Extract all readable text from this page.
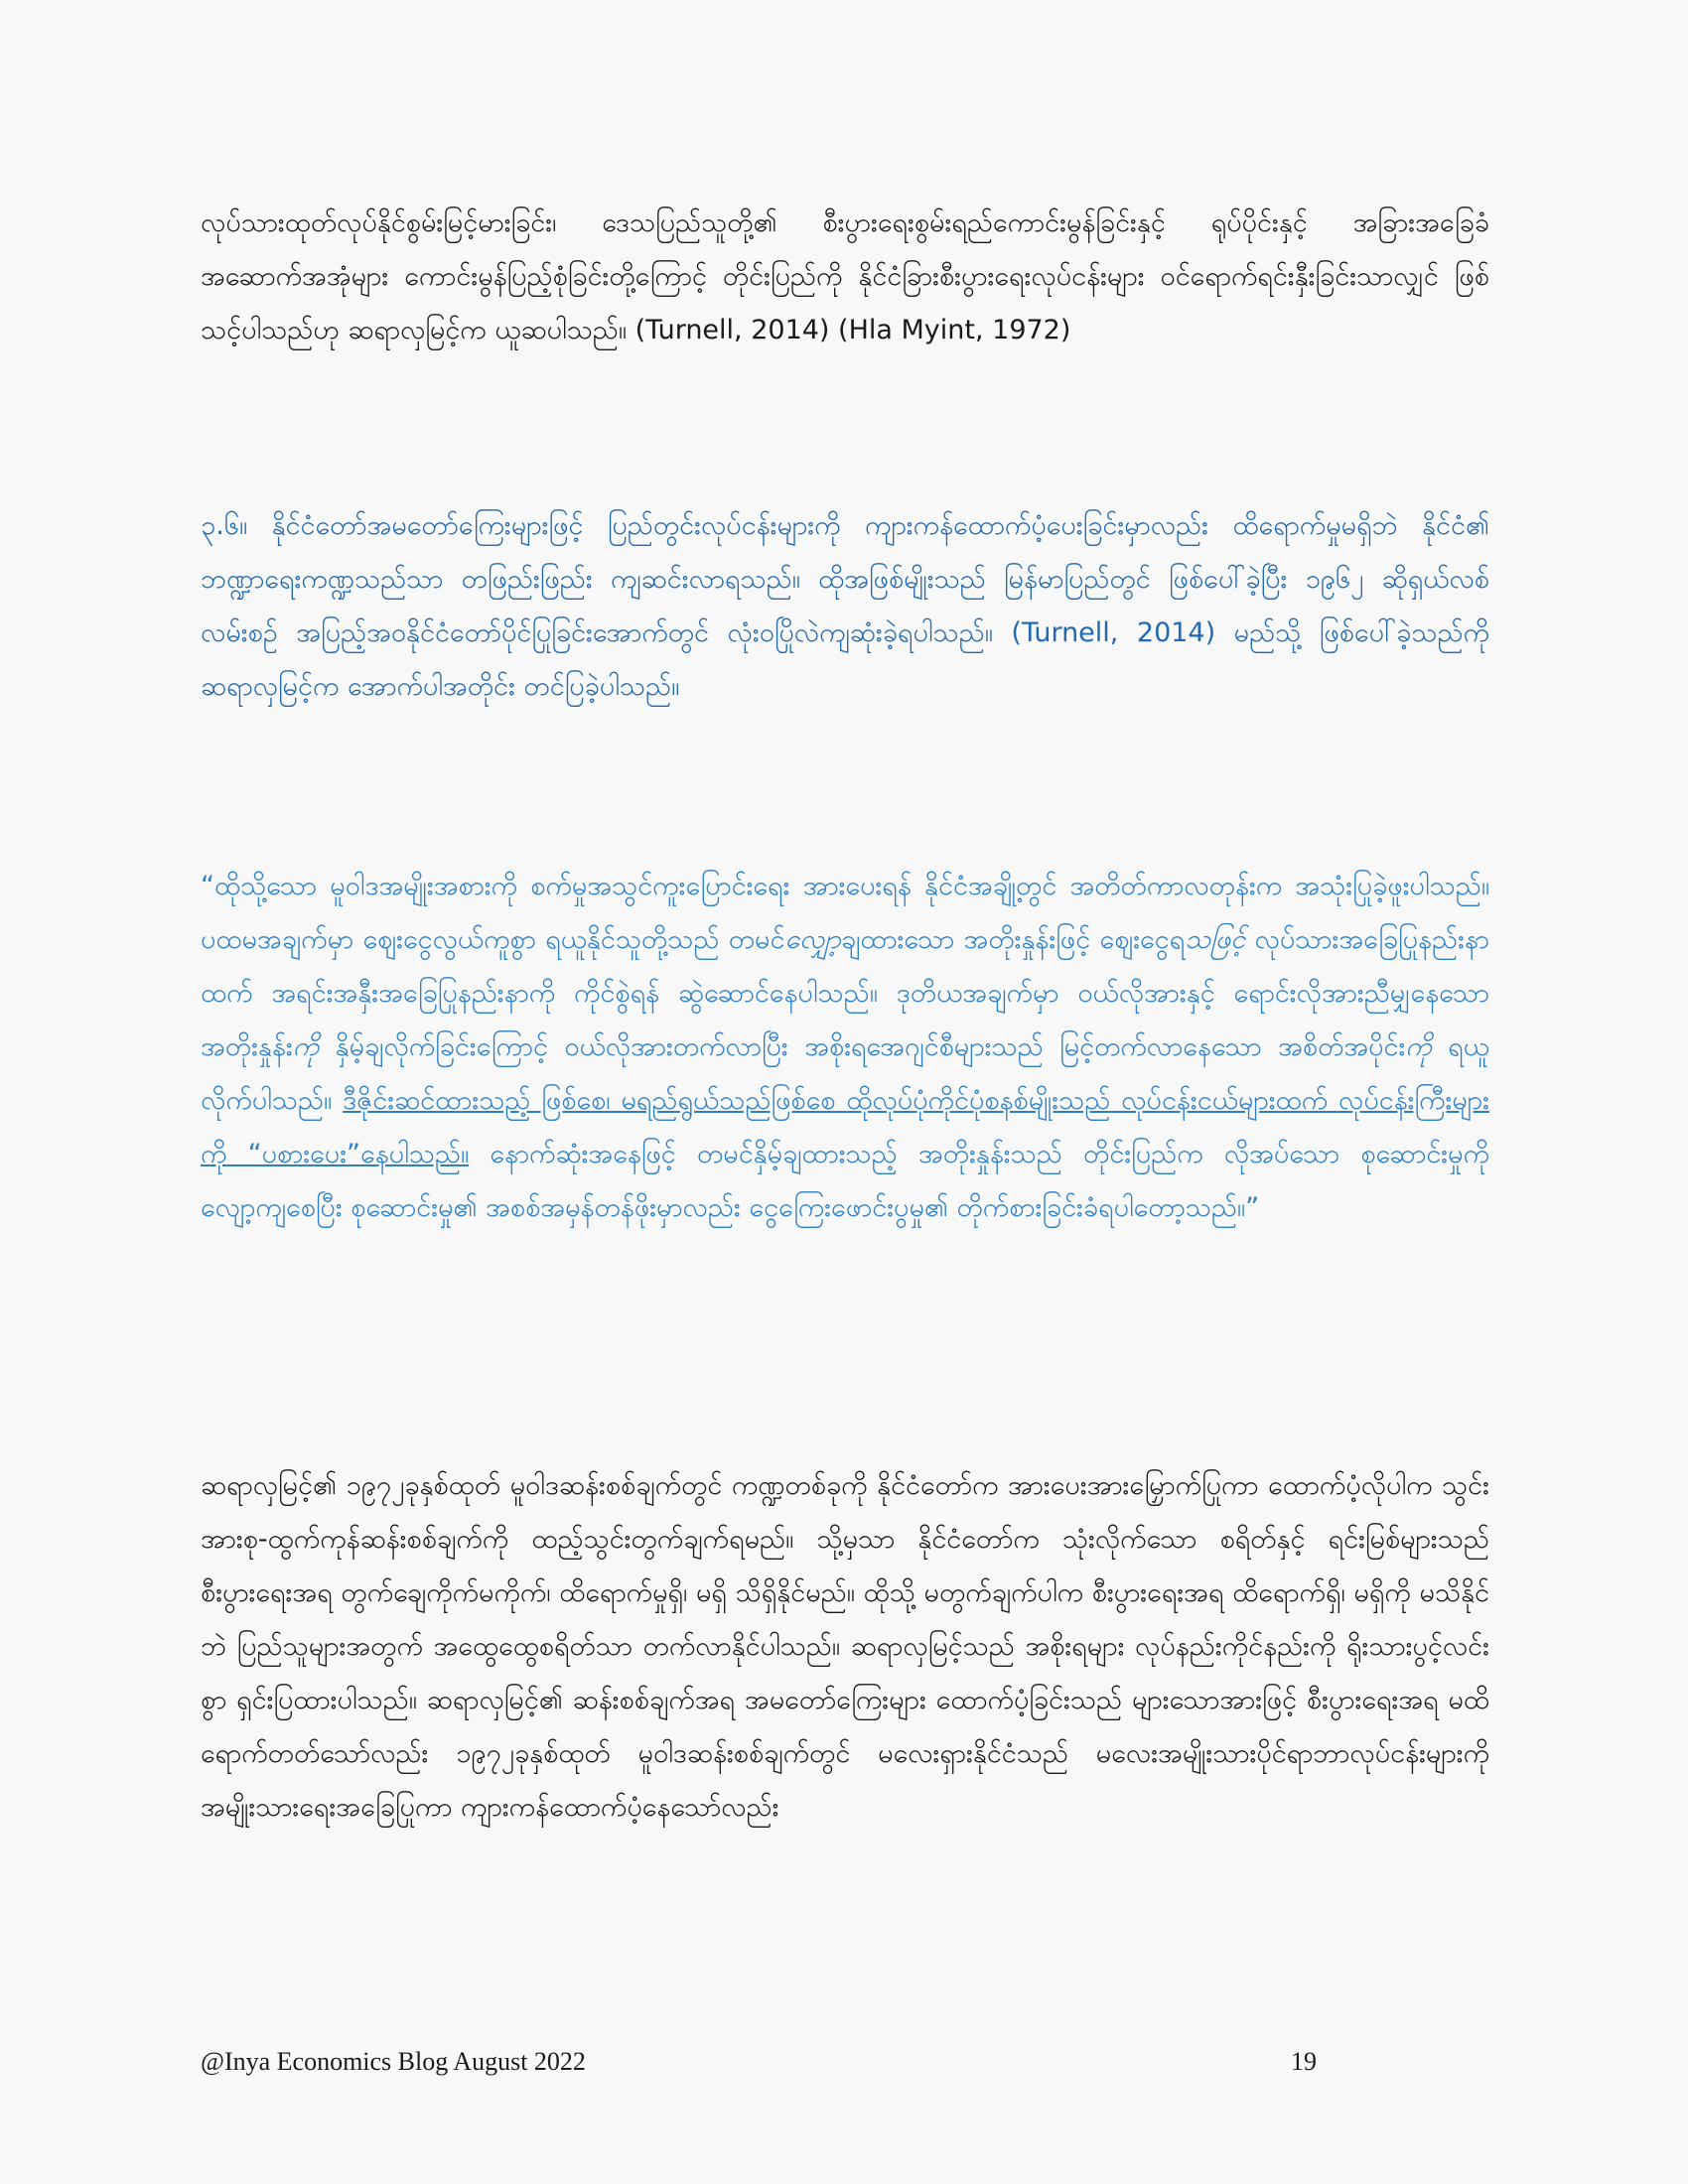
လုပ်သားထုတ်လုပ်နိုင်စွမ်းမြင့်မားခြင်း၊ ဒေသပြည်သူတို့၏ စီးပွားရေးစွမ်းရည်ကောင်းမွန်ခြင်းနှင့် ရုပ်ပိုင်းနှင့် အခြားအခြေခံအဆောက်အအုံများ ကောင်းမွန်ပြည့်စုံခြင်းတို့ကြောင့် တိုင်းပြည်ကို နိုင်ငံခြားစီးပွားရေးလုပ်ငန်းများ ဝင်ရောက်ရင်းနှီးခြင်းသာလျှင် ဖြစ်သင့်ပါသည်ဟု ဆရာလှမြင့်က ယူဆပါသည်။ (Turnell, 2014) (Hla Myint, 1972)
၃.၆။ နိုင်ငံတော်အမတော်ကြေးများဖြင့် ပြည်တွင်းလုပ်ငန်းများကို ကျားကန်ထောက်ပံ့ပေးခြင်းမှာလည်း ထိရောက်မှုမရှိဘဲ နိုင်ငံ၏ ဘဏ္ဍာရေးကဏ္ဍသည်သာ တဖြည်းဖြည်း ကျဆင်းလာရသည်။ ထိုအဖြစ်မျိုးသည် မြန်မာပြည်တွင် ဖြစ်ပေါ်ခဲ့ပြီး ၁၉၆၂ ဆိုရှယ်လစ်လမ်းစဉ် အပြည့်အဝနိုင်ငံတော်ပိုင်ပြုခြင်းအောက်တွင် လုံးဝပြိုလဲကျဆုံးခဲ့ရပါသည်။ (Turnell, 2014) မည်သို့ ဖြစ်ပေါ်ခဲ့သည်ကို ဆရာလှမြင့်က အောက်ပါအတိုင်း တင်ပြခဲ့ပါသည်။
“ထိုသို့သော မူဝါဒအမျိုးအစားကို စက်မှုအသွင်ကူးပြောင်းရေး အားပေးရန် နိုင်ငံအချို့တွင် အတိတ်ကာလတုန်းက အသုံးပြုခဲ့ဖူးပါသည်။ ပထမအချက်မှာ ဈေးငွေလွယ်ကူစွာ ရယူနိုင်သူတို့သည် တမင်လျှော့ချထားသော အတိုးနှုန်းဖြင့် ဈေးငွေရသဖြင့် လုပ်သားအခြေပြုနည်းနာထက် အရင်းအနှီးအခြေပြုနည်းနာကို ကိုင်စွဲရန် ဆွဲဆောင်နေပါသည်။ ဒုတိယအချက်မှာ ဝယ်လိုအားနှင့် ရောင်းလိုအားညီမျှနေသော အတိုးနှုန်းကို နှိမ့်ချလိုက်ခြင်းကြောင့် ဝယ်လိုအားတက်လာပြီး အစိုးရအေဂျင်စီများသည် မြင့်တက်လာနေသော အစိတ်အပိုင်းကို ရယူလိုက်ပါသည်။ ဒီဇိုင်းဆင်ထားသည့် ဖြစ်စေ၊ မရည်ရွယ်သည်ဖြစ်စေ ထိုလုပ်ပုံကိုင်ပုံစနစ်မျိုးသည် လုပ်ငန်းငယ်များထက် လုပ်ငန်းကြီးများကို “ပစားပေး”နေပါသည်။ နောက်ဆုံးအနေဖြင့် တမင်နှိမ့်ချထားသည့် အတိုးနှုန်းသည် တိုင်းပြည်က လိုအပ်သော စုဆောင်းမှုကို လျော့ကျစေပြီး စုဆောင်းမှု၏ အစစ်အမှန်တန်ဖိုးမှာလည်း ငွေကြေးဖောင်းပွမှု၏ တိုက်စားခြင်းခံရပါတော့သည်။”
ဆရာလှမြင့်၏ ၁၉၇၂ခုနှစ်ထုတ် မူဝါဒဆန်းစစ်ချက်တွင် ကဏ္ဍတစ်ခုကို နိုင်ငံတော်က အားပေးအားမြှောက်ပြုကာ ထောက်ပံ့လိုပါက သွင်းအားစု-ထွက်ကုန်ဆန်းစစ်ချက်ကို ထည့်သွင်းတွက်ချက်ရမည်။ သို့မှသာ နိုင်ငံတော်က သုံးလိုက်သော စရိတ်နှင့် ရင်းမြစ်များသည် စီးပွားရေးအရ တွက်ချေကိုက်မကိုက်၊ ထိရောက်မှုရှိ၊ မရှိ သိရှိနိုင်မည်။ ထိုသို့ မတွက်ချက်ပါက စီးပွားရေးအရ ထိရောက်ရှိ၊ မရှိကို မသိနိုင်ဘဲ ပြည်သူများအတွက် အထွေထွေစရိတ်သာ တက်လာနိုင်ပါသည်။ ဆရာလှမြင့်သည် အစိုးရများ လုပ်နည်းကိုင်နည်းကို ရိုးသားပွင့်လင်းစွာ ရှင်းပြထားပါသည်။ ဆရာလှမြင့်၏ ဆန်းစစ်ချက်အရ အမတော်ကြေးများ ထောက်ပံ့ခြင်းသည် များသောအားဖြင့် စီးပွားရေးအရ မထိရောက်တတ်သော်လည်း ၁၉၇၂ခုနှစ်ထုတ် မူဝါဒဆန်းစစ်ချက်တွင် မလေးရှားနိုင်ငံသည် မလေးအမျိုးသားပိုင်ရာဘာလုပ်ငန်းများကို အမျိုးသားရေးအခြေပြုကာ ကျားကန်ထောက်ပံ့နေသော်လည်း
@Inya Economics Blog August 2022	19
